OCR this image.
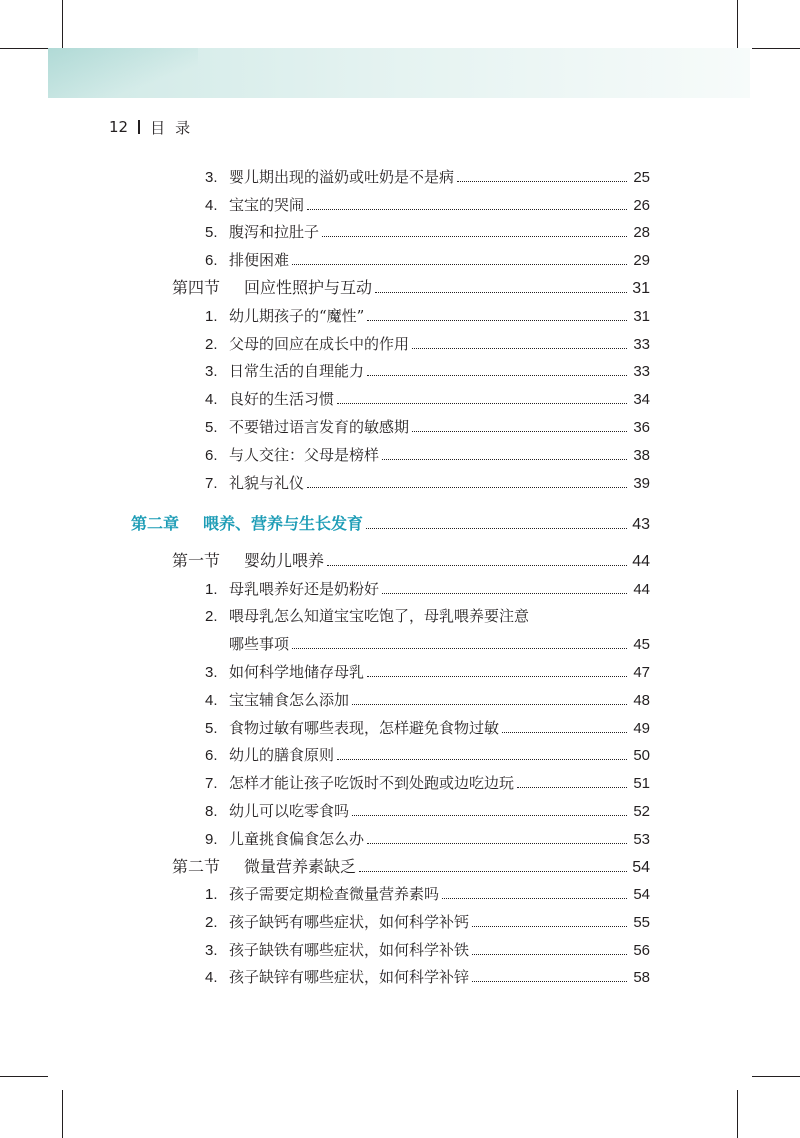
12 目录
3. 婴儿期出现的溢奶或吐奶是不是病	25
4. 宝宝的哭闹	26
5. 腹泻和拉肚子	28
6. 排便困难	29
第四节	回应性照护与互动	31
1. 幼儿期孩子的“魔性”	31
2. 父母的回应在成长中的作用	33
3. 日常生活的自理能力	33
4. 良好的生活习惯	34
5. 不要错过语言发育的敏感期	36
6. 与人交往：父母是榜样	38
7. 礼貌与礼仪	39
第二章	喂养、营养与生长发育	43
第一节	婴幼儿喂养	44
1. 母乳喂养好还是奶粉好	44
2. 喂母乳怎么知道宝宝吃饱了，母乳喂养要注意
哪些事项	45
3. 如何科学地储存母乳	47
4. 宝宝辅食怎么添加	48
5. 食物过敏有哪些表现，怎样避免食物过敏	49
6. 幼儿的膳食原则	50
7. 怎样才能让孩子吃饭时不到处跑或边吃边玩	51
8. 幼儿可以吃零食吗	52
9. 儿童挑食偏食怎么办	53
第二节	微量营养素缺乏	54
1. 孩子需要定期检查微量营养素吗	54
2. 孩子缺钙有哪些症状，如何科学补钙	55
3. 孩子缺铁有哪些症状，如何科学补铁	56
4. 孩子缺锌有哪些症状，如何科学补锌	58
